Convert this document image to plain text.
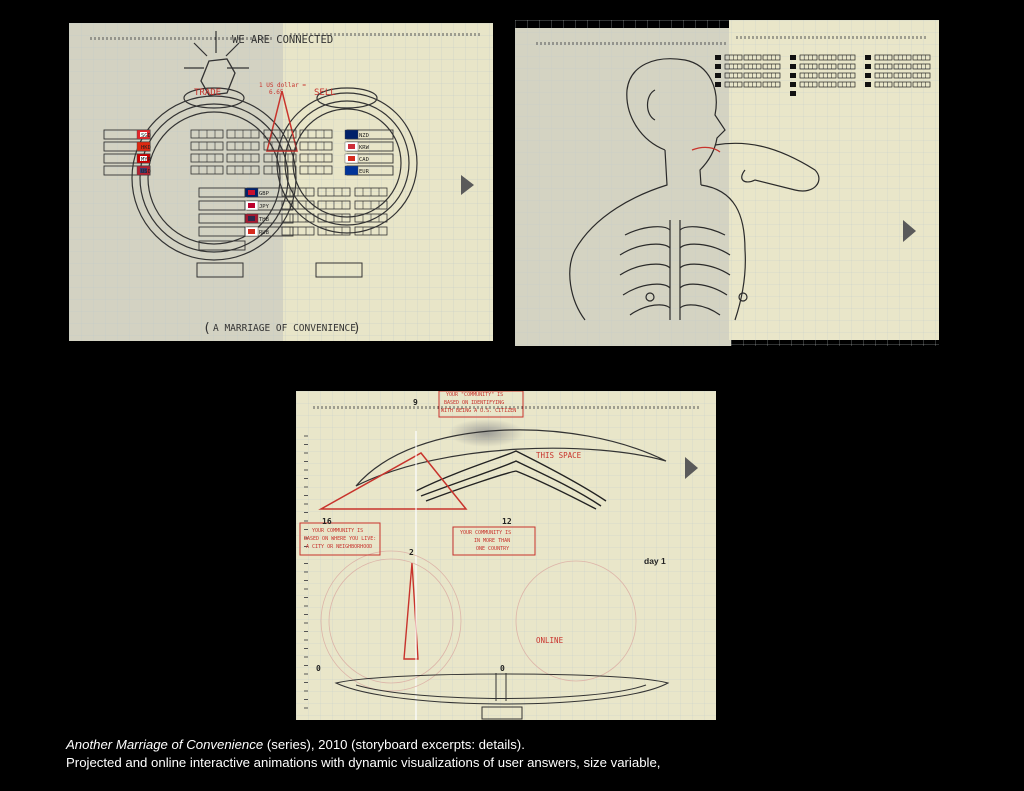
SGD
HKD
MYR
USD
NZD
KRW
CAD
EUR
GBP
JPY
THB
RUB
WE ARE CONNECTED
TRADE	SELL
1 US dollar =
6.65
( A MARRIAGE OF CONVENIENCE
)
YOUR "COMMUNITY" IS
BASED ON IDENTIFYING
WITH BEING A U.S. CITIZEN
YOUR COMMUNITY IS
BASED ON WHERE YOU LIVE:
A CITY OR NEIGHBORHOOD
YOUR COMMUNITY IS
IN MORE THAN
ONE COUNTRY
9
THIS SPACE
16	12
2
day 1
ONLINE
0	0
Another Marriage of Convenience (series), 2010 (storyboard excerpts: details).
Projected and online interactive animations with dynamic visualizations of user answers, size variable,
